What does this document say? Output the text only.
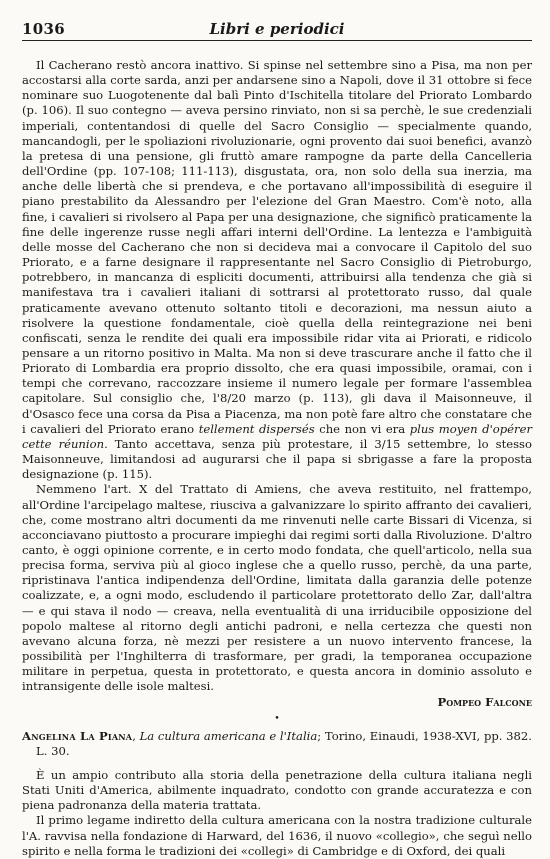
1036	Libri e periodici

Il Cacherano restò ancora inattivo. Si spinse nel settembre sino a Pisa, ma non per accostarsi alla corte sarda, anzi per andarsene sino a Napoli, dove il 31 ottobre si fece nominare suo Luogotenente dal balì Pinto d'Ischitella titolare del Priorato Lombardo (p. 106). Il suo contegno — aveva persino rinviato, non si sa perchè, le sue credenziali imperiali, contentandosi di quelle del Sacro Consiglio — specialmente quando, mancandogli, per le spoliazioni rivoluzionarie, ogni provento dai suoi benefici, avanzò la pretesa di una pensione, gli fruttò amare rampogne da parte della Cancelleria dell'Ordine (pp. 107-108; 111-113), disgustata, ora, non solo della sua inerzia, ma anche delle libertà che si prendeva, e che portavano all'impossibilità di eseguire il piano prestabilito da Alessandro per l'elezione del Gran Maestro. Com'è noto, alla fine, i cavalieri si rivolsero al Papa per una designazione, che significò praticamente la fine delle ingerenze russe negli affari interni dell'Ordine. La lentezza e l'ambiguità delle mosse del Cacherano che non si decideva mai a convocare il Capitolo del suo Priorato, e a farne designare il rappresentante nel Sacro Consiglio di Pietroburgo, potrebbero, in mancanza di espliciti documenti, attribuirsi alla tendenza che già si manifestava tra i cavalieri italiani di sottrarsi al protettorato russo, dal quale praticamente avevano ottenuto soltanto titoli e decorazioni, ma nessun aiuto a risolvere la questione fondamentale, cioè quella della reintegrazione nei beni confiscati, senza le rendite dei quali era impossibile ridar vita ai Priorati, e ridicolo pensare a un ritorno positivo in Malta. Ma non si deve trascurare anche il fatto che il Priorato di Lombardia era proprio dissolto, che era quasi impossibile, oramai, con i tempi che correvano, raccozzare insieme il numero legale per formare l'assemblea capitolare. Sul consiglio che, l'8/20 marzo (p. 113), gli dava il Maisonneuve, il d'Osasco fece una corsa da Pisa a Piacenza, ma non potè fare altro che constatare che i cavalieri del Priorato erano tellement dispersés che non vi era plus moyen d'opérer cette réunion. Tanto accettava, senza più protestare, il 3/15 settembre, lo stesso Maisonneuve, limitandosi ad augurarsi che il papa si sbrigasse a fare la proposta designazione (p. 115).

Nemmeno l'art. X del Trattato di Amiens, che aveva restituito, nel frattempo, all'Ordine l'arcipelago maltese, riusciva a galvanizzare lo spirito affranto dei cavalieri, che, come mostrano altri documenti da me rinvenuti nelle carte Bissari di Vicenza, si acconciavano piuttosto a procurare impieghi dai regimi sorti dalla Rivoluzione. D'altro canto, è oggi opinione corrente, e in certo modo fondata, che quell'articolo, nella sua precisa forma, serviva più al gioco inglese che a quello russo, perchè, da una parte, ripristinava l'antica indipendenza dell'Ordine, limitata dalla garanzia delle potenze coalizzate, e, a ogni modo, escludendo il particolare protettorato dello Zar, dall'altra — e qui stava il nodo — creava, nella eventualità di una irriducibile opposizione del popolo maltese al ritorno degli antichi padroni, e nella certezza che questi non avevano alcuna forza, nè mezzi per resistere a un nuovo intervento francese, la possibilità per l'Inghilterra di trasformare, per gradi, la temporanea occupazione militare in perpetua, questa in protettorato, e questa ancora in dominio assoluto e intransigente delle isole maltesi.

Pompeo Falcone

•

Angelina La Piana, La cultura americana e l'Italia; Torino, Einaudi, 1938-XVI, pp. 382. L. 30.

È un ampio contributo alla storia della penetrazione della cultura italiana negli Stati Uniti d'America, abilmente inquadrato, condotto con grande accuratezza e con piena padronanza della materia trattata.

Il primo legame indiretto della cultura americana con la nostra tradizione culturale l'A. ravvisa nella fondazione di Harward, del 1636, il nuovo «collegio», che seguì nello spirito e nella forma le tradizioni dei «collegi» di Cambridge e di Oxford, dei quali
